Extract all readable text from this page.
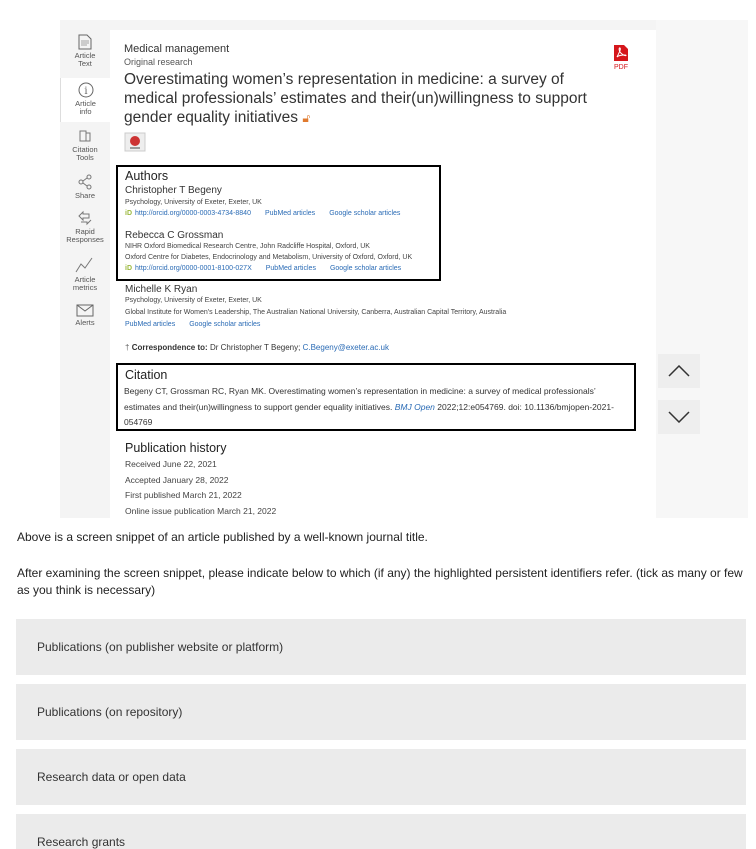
Article
Text
i
Article
info
Citation
Tools
Share
Rapid
Responses
Article
metrics
Alerts
Medical management
Original research
Overestimating women’s representation in medicine: a survey of medical professionals’ estimates and their(un)willingness to support gender equality initiatives 🔓︎
PDF
Authors
Christopher T Begeny
Psychology, University of Exeter, Exeter, UK
iD http://orcid.org/0000-0003-4734-8840 PubMed articles Google scholar articles
Rebecca C Grossman
NIHR Oxford Biomedical Research Centre, John Radcliffe Hospital, Oxford, UK
Oxford Centre for Diabetes, Endocrinology and Metabolism, University of Oxford, Oxford, UK
iD http://orcid.org/0000-0001-8100-027X PubMed articles Google scholar articles
Michelle K Ryan
Psychology, University of Exeter, Exeter, UK
Global Institute for Women's Leadership, The Australian National University, Canberra, Australian Capital Territory, Australia
PubMed articles Google scholar articles
† Correspondence to: Dr Christopher T Begeny; C.Begeny@exeter.ac.uk
Citation
Begeny CT, Grossman RC, Ryan MK. Overestimating women’s representation in medicine: a survey of medical professionals’ estimates and their(un)willingness to support gender equality initiatives. BMJ Open 2022;12:e054769. doi: 10.1136/bmjopen-2021-054769
Publication history
Received June 22, 2021
Accepted January 28, 2022
First published March 21, 2022
Online issue publication March 21, 2022
Above is a screen snippet of an article published by a well-known journal title.
After examining the screen snippet, please indicate below to which (if any) the highlighted persistent identifiers refer. (tick as many or few as you think is necessary)
Publications (on publisher website or platform)
Publications (on repository)
Research data or open data
Research grants
